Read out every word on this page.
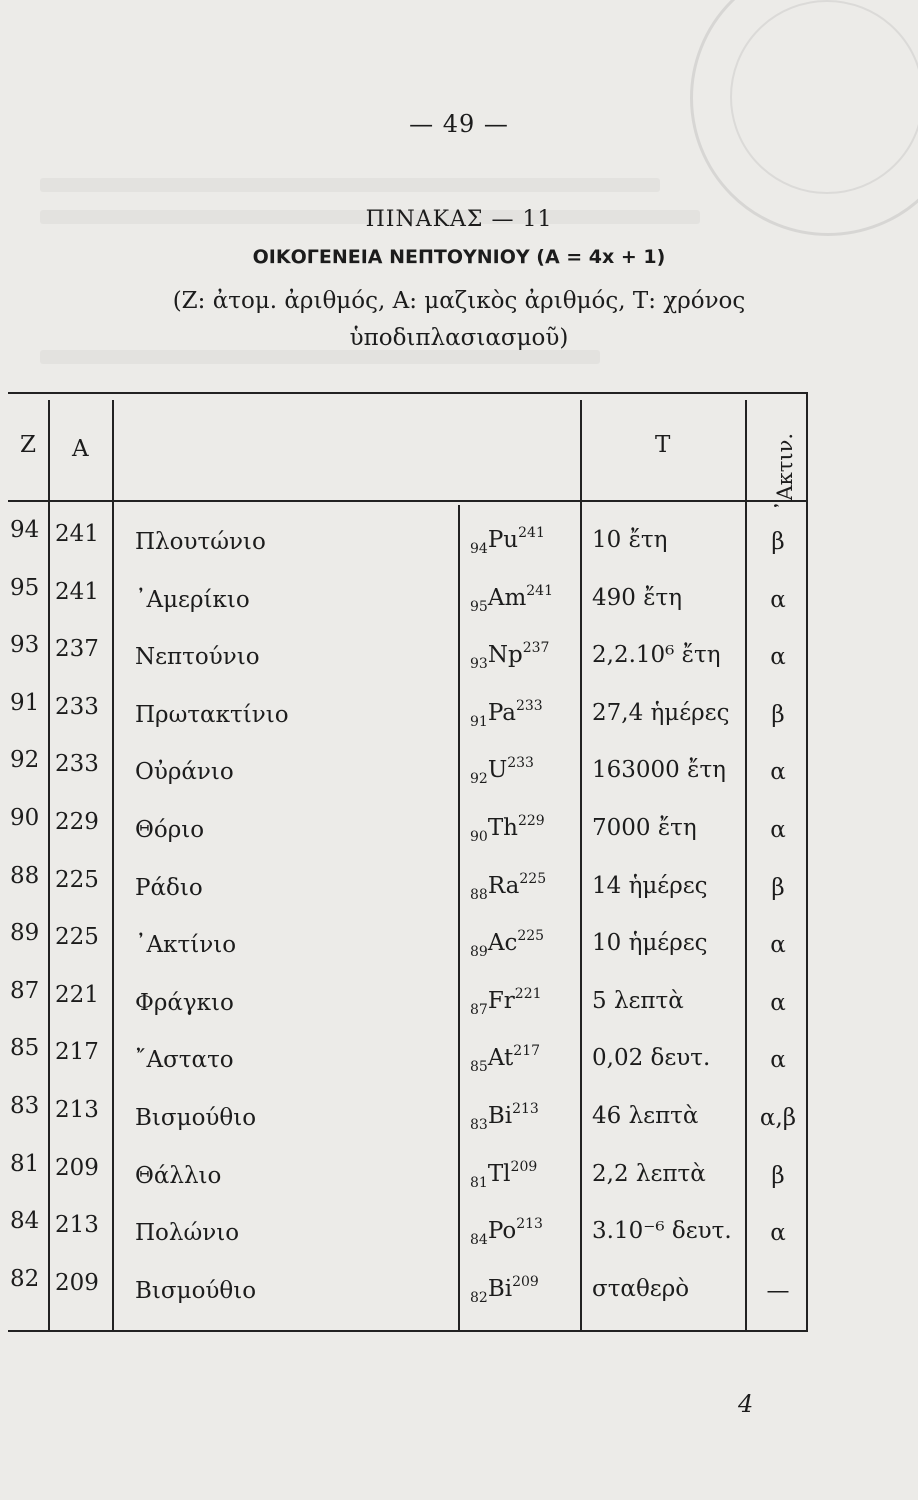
— 49 —
ΠΙΝΑΚΑΣ — 11
ΟΙΚΟΓΕΝΕΙΑ ΝΕΠΤΟΥΝΙΟΥ (Α = 4x + 1)
(Ζ: ἀτομ. ἀριθμός, Α: μαζικὸς ἀριθμός, Τ: χρόνος
ὑποδιπλασιασμοῦ)
Ζ Α	Τ	᾿Ακτιν.
94 241 Πλουτώνιο	$_{94}Pu^{241}$ 10 ἔτη	β
95 241 ᾿Αμερίκιο	$_{95}Am^{241}$ 490 ἔτη	α
93 237 Νεπτούνιο	$_{93}Np^{237}$ 2,2.10⁶ ἔτη	α
91 233 Πρωτακτίνιο	$_{91}Pa^{233}$ 27,4 ἡμέρες	β
92 233 Οὐράνιο	$_{92}U^{233}$	163000 ἔτη	α
90 229 Θόριο	$_{90}Th^{229}$ 7000 ἔτη	α
88 225 Ράδιο	$_{88}Ra^{225}$ 14 ἡμέρες	β
89 225 ᾿Ακτίνιο	$_{89}Ac^{225}$ 10 ἡμέρες	α
87 221 Φράγκιο	$_{87}Fr^{221}$ 5 λεπτὰ	α
85 217 ῎Αστατο	$_{85}At^{217}$ 0,02 δευτ.	α
83 213 Βισμούθιο	$_{83}Bi^{213}$ 46 λεπτὰ	α,β
81 209 Θάλλιο	$_{81}Tl^{209}$ 2,2 λεπτὰ	β
84 213 Πολώνιο	$_{84}Po^{213}$ 3.10⁻⁶ δευτ.	α
82 209 Βισμούθιο	$_{82}Bi^{209}$ σταθερὸ	—
4
